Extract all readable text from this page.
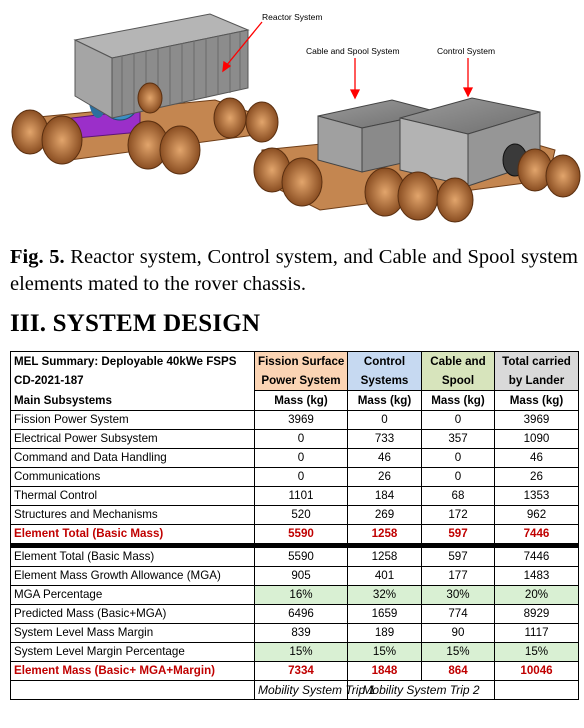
Reactor System
Cable and Spool System	Control System
Fig. 5. Reactor system, Control system, and Cable and Spool system elements mated to the rover chassis.
III. SYSTEM DESIGN
MEL Summary: Deployable 40kWe FSPS	Fission Surface	Control	Cable and	Total carried
CD-2021-187	Power System	Systems	Spool	by Lander
Main Subsystems	Mass (kg)	Mass (kg)	Mass (kg)	Mass (kg)
Fission Power System	3969	0	0	3969
Electrical Power Subsystem	0	733	357	1090
Command and Data Handling	0	46	0	46
Communications	0	26	0	26
Thermal Control	1101	184	68	1353
Structures and Mechanisms	520	269	172	962
Element Total (Basic Mass)	5590	1258	597	7446

Element Total (Basic Mass)	5590	1258	597	7446
Element Mass Growth Allowance (MGA)	905	401	177	1483
MGA Percentage	16%	32%	30%	20%
Predicted Mass (Basic+MGA)	6496	1659	774	8929
System Level Mass Margin	839	189	90	1117
System Level Margin Percentage	15%	15%	15%	15%
Element Mass (Basic+ MGA+Margin)	7334	1848	864	10046
	Mobility System Trip 1	Mobility System Trip 2		
